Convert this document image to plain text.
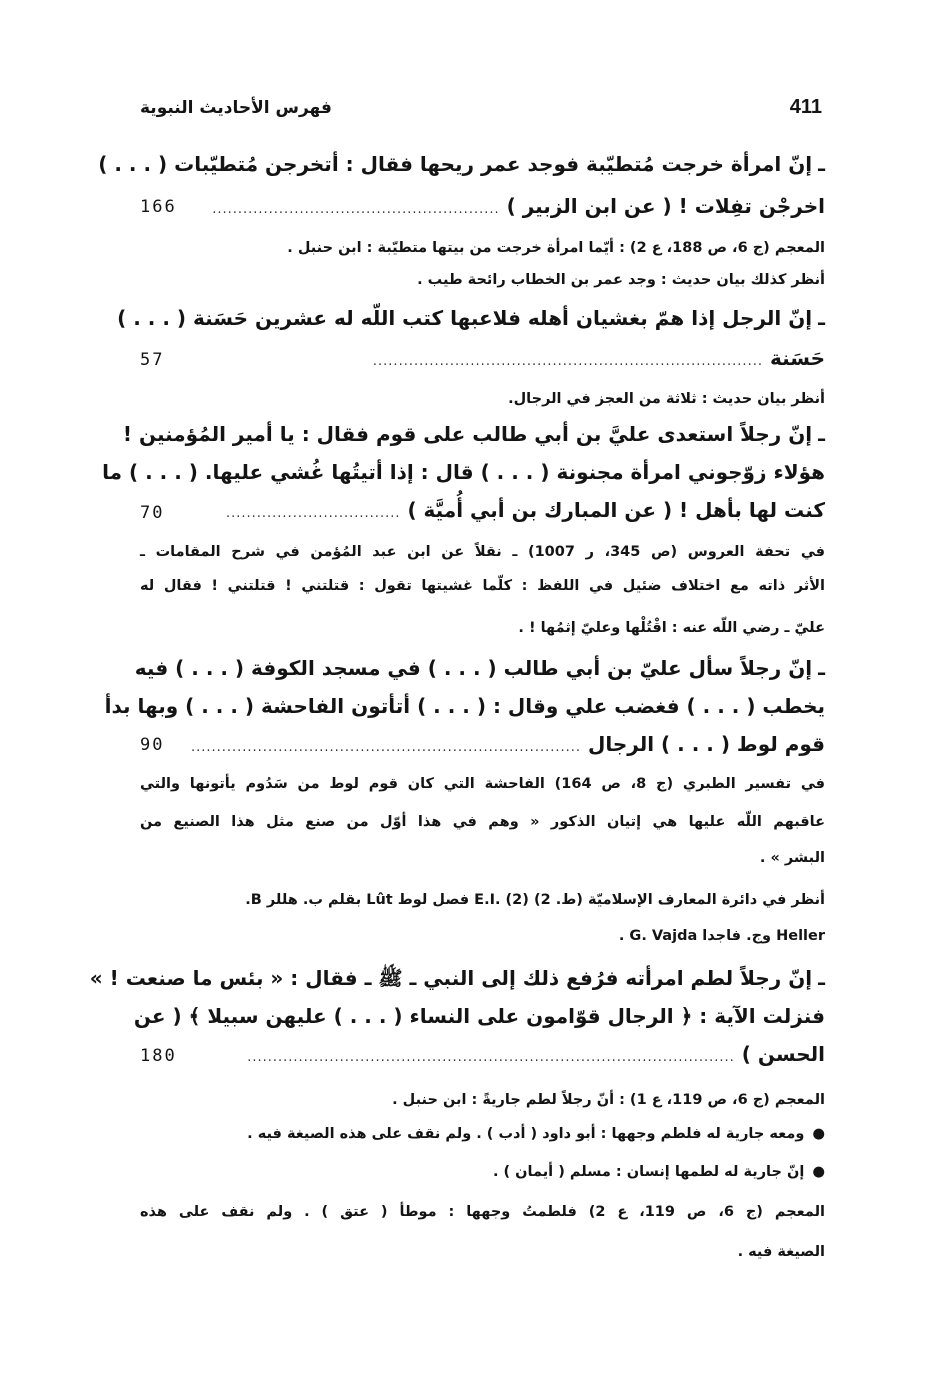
411
فهرس الأحاديث النبوية
ـإنّ امرأة خرجت مُتطيّبة فوجد عمر ريحها فقال : أتخرجن مُتطيّبات ( . . . )
اخرجْن تفِلات ! ( عن ابن الزبير ) ........................................................
166
المعجم (ج 6، ص 188، ع 2) : أيّما امرأة خرجت من بيتها متطيّبة : ابن حنبل .
أنظر كذلك بيان حديث : وجد عمر بن الخطاب رائحة طيب .
ـإنّ الرجل إذا همّ بغشيان أهله فلاعبها كتب اللّه له عشرين حَسَنة ( . . . )
حَسَنة ............................................................................
57
أنظر بيان حديث : ثلاثة من العجز في الرجال.
ـإنّ رجلاً استعدى عليَّ بن أبي طالب على قوم فقال : يا أمير المُؤمنين !
هؤلاء زوّجوني امرأة مجنونة ( . . . ) قال : إذا أتيتُها غُشي عليها. ( . . . ) ما
كنت لها بأهل ! ( عن المبارك بن أبي أُميَّة ) ..................................
70
في تحفة العروس (ص 345، ر 1007) ـ نقلاً عن ابن عبد المُؤمن في شرح المقامات ـ
الأثر ذاته مع اختلاف ضئيل في اللفظ : كلّما غشيتها تقول : قتلتني ! قتلتني ! فقال له
عليّ ـ رضي اللّه عنه : اقْتُلْها وعليّ إثمُها ! .
ـإنّ رجلاً سأل عليّ بن أبي طالب ( . . . ) في مسجد الكوفة ( . . . ) فيه
يخطب ( . . . ) فغضب علي وقال : ( . . . ) أتأتون الفاحشة ( . . . ) وبها بدأ
قوم لوط ( . . . ) الرجال ............................................................................
90
في تفسير الطبري (ج 8، ص 164) الفاحشة التي كان قوم لوط من سَدُوم يأتونها والتي
عاقبهم اللّه عليها هي إتيان الذكور « وهم في هذا أوّل من صنع مثل هذا الصنيع من
البشر » .
أنظر في دائرة المعارف الإسلاميّة (ط. 2) E.I. (2) فصل لوط Lût بقلم ب. هللر B.
Heller وج. فاجدا G. Vajda .
ـإنّ رجلاً لطم امرأته فرُفع ذلك إلى النبي ـ ﷺ ـ فقال : « بئس ما صنعت ! »
فنزلت الآية : ﴿ الرجال قوّامون على النساء ( . . . ) عليهن سبيلا ﴾ ( عن
الحسن ) ...............................................................................................
180
المعجم (ج 6، ص 119، ع 1) : أنّ رجلاً لطم جاريةً : ابن حنبل .
●ومعه جارية له فلطم وجهها : أبو داود ( أدب ) . ولم نقف على هذه الصيغة فيه .
●إنّ جارية له لطمها إنسان : مسلم ( أيمان ) .
المعجم (ج 6، ص 119، ع 2) فلطمتُ وجهها : موطأ ( عتق ) . ولم نقف على هذه
الصيغة فيه .
